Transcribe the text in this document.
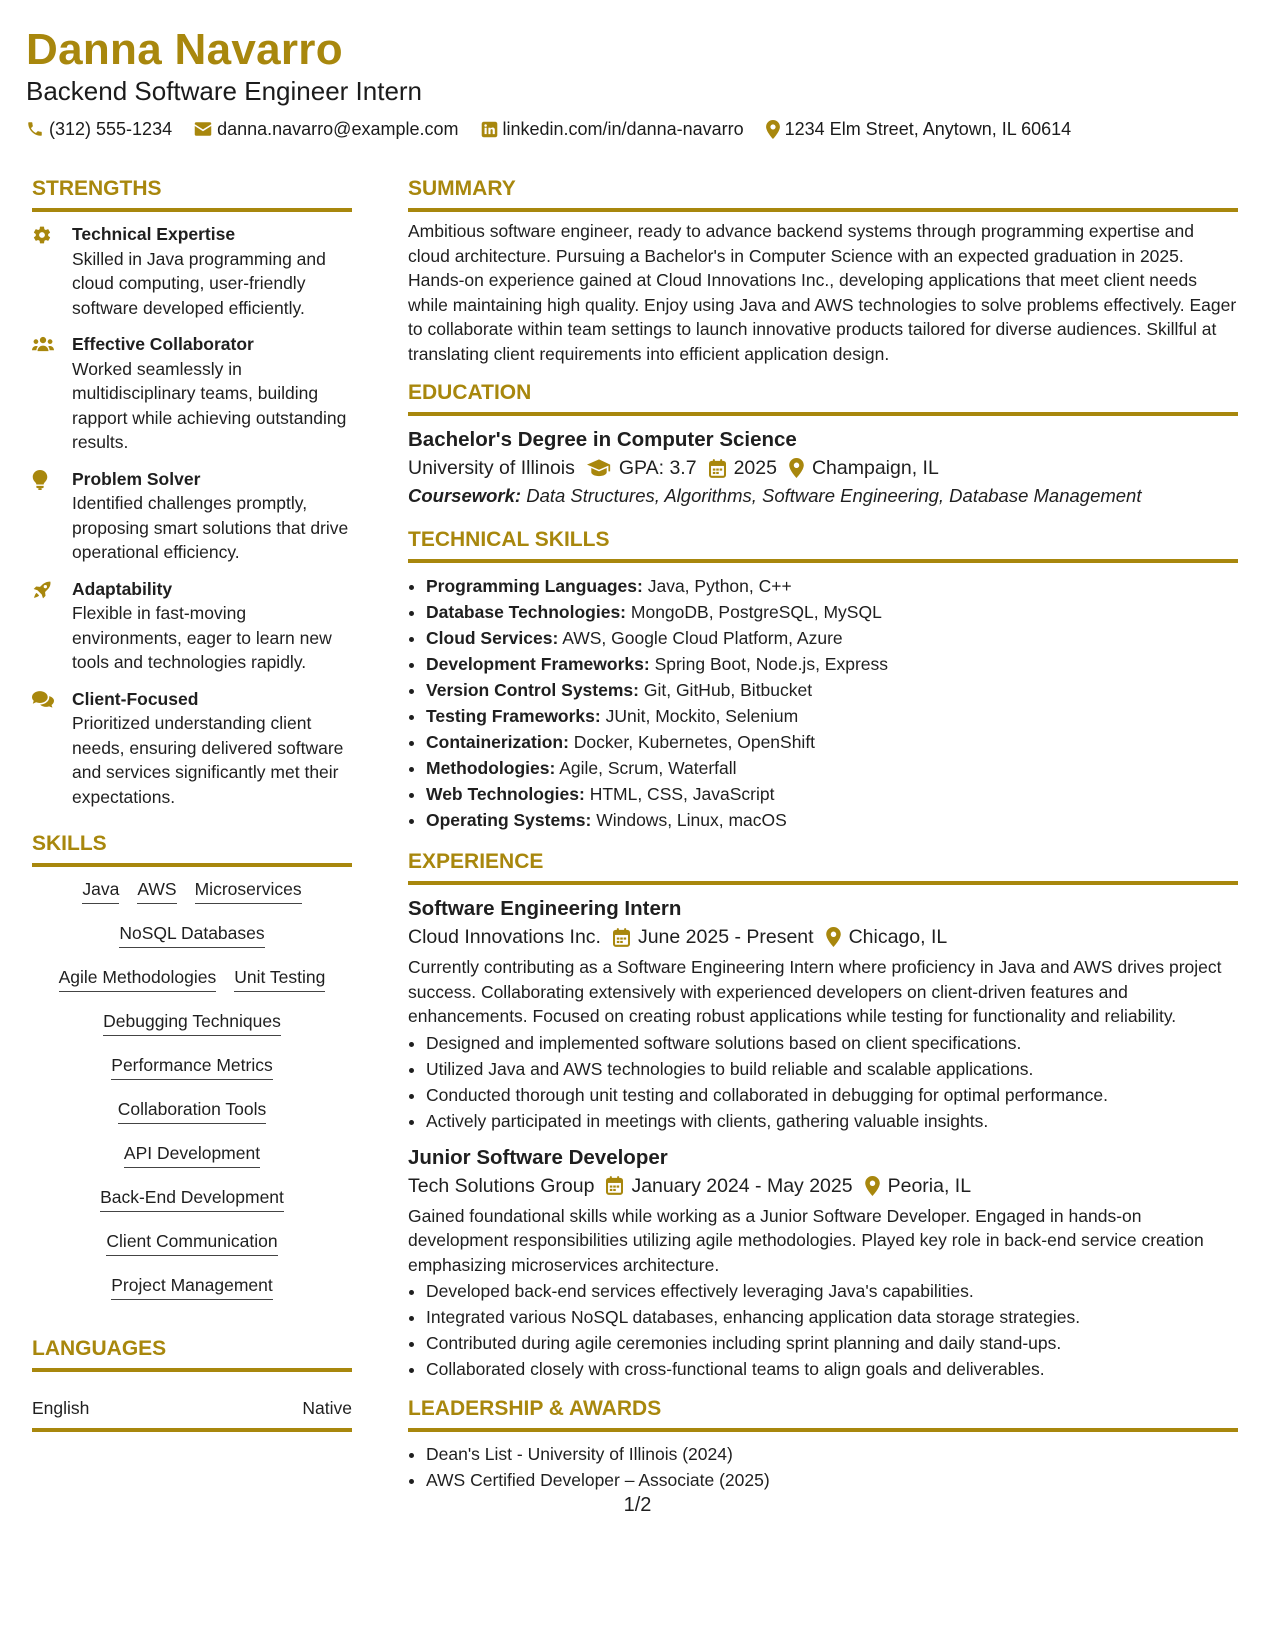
Danna Navarro
Backend Software Engineer Intern
(312) 555-1234	danna.navarro@example.com linkedin.com/in/danna-navarro 1234 Elm Street, Anytown, IL 60614
STRENGTHS
Technical Expertise
Skilled in Java programming and cloud computing, user-friendly software developed efficiently.
Effective Collaborator
Worked seamlessly in multidisciplinary teams, building rapport while achieving outstanding results.
Problem Solver
Identified challenges promptly, proposing smart solutions that drive operational efficiency.
Adaptability
Flexible in fast-moving environments, eager to learn new tools and technologies rapidly.
Client-Focused
Prioritized understanding client needs, ensuring delivered software and services significantly met their expectations.
SKILLS
Java AWS Microservices
NoSQL Databases
Agile Methodologies Unit Testing
Debugging Techniques
Performance Metrics
Collaboration Tools
API Development
Back-End Development
Client Communication
Project Management
LANGUAGES
English	Native
SUMMARY
Ambitious software engineer, ready to advance backend systems through programming expertise and cloud architecture. Pursuing a Bachelor's in Computer Science with an expected graduation in 2025. Hands-on experience gained at Cloud Innovations Inc., developing applications that meet client needs while maintaining high quality. Enjoy using Java and AWS technologies to solve problems effectively. Eager to collaborate within team settings to launch innovative products tailored for diverse audiences. Skillful at translating client requirements into efficient application design.
EDUCATION
Bachelor's Degree in Computer Science
University of Illinois GPA: 3.7 2025 Champaign, IL
Coursework: Data Structures, Algorithms, Software Engineering, Database Management
TECHNICAL SKILLS
• Programming Languages: Java, Python, C++
• Database Technologies: MongoDB, PostgreSQL, MySQL
• Cloud Services: AWS, Google Cloud Platform, Azure
• Development Frameworks: Spring Boot, Node.js, Express
• Version Control Systems: Git, GitHub, Bitbucket
• Testing Frameworks: JUnit, Mockito, Selenium
• Containerization: Docker, Kubernetes, OpenShift
• Methodologies: Agile, Scrum, Waterfall
• Web Technologies: HTML, CSS, JavaScript
• Operating Systems: Windows, Linux, macOS
EXPERIENCE
Software Engineering Intern
Cloud Innovations Inc. June 2025 - Present Chicago, IL
Currently contributing as a Software Engineering Intern where proficiency in Java and AWS drives project success. Collaborating extensively with experienced developers on client-driven features and enhancements. Focused on creating robust applications while testing for functionality and reliability.
• Designed and implemented software solutions based on client specifications.
• Utilized Java and AWS technologies to build reliable and scalable applications.
• Conducted thorough unit testing and collaborated in debugging for optimal performance.
• Actively participated in meetings with clients, gathering valuable insights.
Junior Software Developer
Tech Solutions Group January 2024 - May 2025 Peoria, IL
Gained foundational skills while working as a Junior Software Developer. Engaged in hands-on development responsibilities utilizing agile methodologies. Played key role in back-end service creation emphasizing microservices architecture.
• Developed back-end services effectively leveraging Java's capabilities.
• Integrated various NoSQL databases, enhancing application data storage strategies.
• Contributed during agile ceremonies including sprint planning and daily stand-ups.
• Collaborated closely with cross-functional teams to align goals and deliverables.
LEADERSHIP & AWARDS
• Dean's List - University of Illinois (2024)
• AWS Certified Developer – Associate (2025)
1/2
